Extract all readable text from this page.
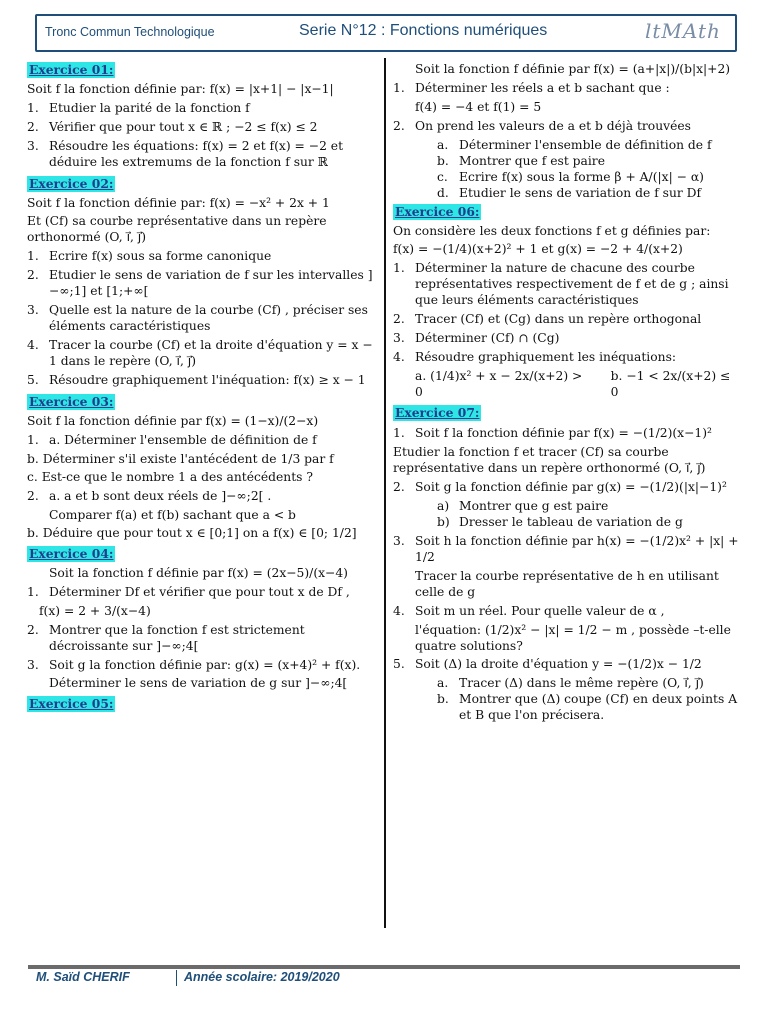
Tronc Commun Technologique	Serie N°12 : Fonctions numériques	ltMAth
Exercice 01:
Soit f la fonction définie par: f(x) = |x+1| − |x−1|
1. Etudier la parité de la fonction f
2. Vérifier que pour tout x ∈ ℝ ; −2 ≤ f(x) ≤ 2
3. Résoudre les équations: f(x) = 2 et f(x) = −2 et déduire les extremums de la fonction f sur ℝ
Exercice 02:
Soit f la fonction définie par: f(x) = −x² + 2x + 1
Et (Cf) sa courbe représentative dans un repère orthonormé (O, i⃗, j⃗)
1. Ecrire f(x) sous sa forme canonique
2. Etudier le sens de variation de f sur les intervalles ]−∞;1] et [1;+∞[
3. Quelle est la nature de la courbe (Cf) , préciser ses éléments caractéristiques
4. Tracer la courbe (Cf) et la droite d'équation y = x − 1 dans le repère (O, i⃗, j⃗)
5. Résoudre graphiquement l'inéquation: f(x) ≥ x − 1
Exercice 03:
Soit f la fonction définie par f(x) = (1−x)/(2−x)
1. a. Déterminer l'ensemble de définition de f
b. Déterminer s'il existe l'antécédent de 1/3 par f
c. Est-ce que le nombre 1 a des antécédents ?
2. a. a et b sont deux réels de ]−∞;2[ .
Comparer f(a) et f(b) sachant que a < b
b. Déduire que pour tout x ∈ [0;1] on a f(x) ∈ [0; 1/2]
Exercice 04:
Soit la fonction f définie par f(x) = (2x−5)/(x−4)
1. Déterminer Df et vérifier que pour tout x de Df ,
f(x) = 2 + 3/(x−4)
2. Montrer que la fonction f est strictement décroissante sur ]−∞;4[
3. Soit g la fonction définie par: g(x) = (x+4)² + f(x).
Déterminer le sens de variation de g sur ]−∞;4[
Exercice 05:
Soit la fonction f définie par f(x) = (a+|x|)/(b|x|+2)
1. Déterminer les réels a et b sachant que :
f(4) = −4 et f(1) = 5
2. On prend les valeurs de a et b déjà trouvées
a. Déterminer l'ensemble de définition de f
b. Montrer que f est paire
c. Ecrire f(x) sous la forme β + A/(|x| − α)
d. Etudier le sens de variation de f sur Df
Exercice 06:
On considère les deux fonctions f et g définies par:
f(x) = −(1/4)(x+2)² + 1 et g(x) = −2 + 4/(x+2)
1. Déterminer la nature de chacune des courbe représentatives respectivement de f et de g ; ainsi que leurs éléments caractéristiques
2. Tracer (Cf) et (Cg) dans un repère orthogonal
3. Déterminer (Cf) ∩ (Cg)
4. Résoudre graphiquement les inéquations:
a. (1/4)x² + x − 2x/(x+2) > 0
b. −1 < 2x/(x+2) ≤ 0
Exercice 07:
1. Soit f la fonction définie par f(x) = −(1/2)(x−1)²
Etudier la fonction f et tracer (Cf) sa courbe représentative dans un repère orthonormé (O, i⃗, j⃗)
2. Soit g la fonction définie par g(x) = −(1/2)(|x|−1)²
a) Montrer que g est paire
b) Dresser le tableau de variation de g
3. Soit h la fonction définie par h(x) = −(1/2)x² + |x| + 1/2
Tracer la courbe représentative de h en utilisant celle de g
4. Soit m un réel. Pour quelle valeur de α ,
l'équation: (1/2)x² − |x| = 1/2 − m , possède –t-elle quatre solutions?
5. Soit (Δ) la droite d'équation y = −(1/2)x − 1/2
a. Tracer (Δ) dans le même repère (O, i⃗, j⃗)
b. Montrer que (Δ) coupe (Cf) en deux points A et B que l'on précisera.
M. Saïd CHERIF	Année scolaire: 2019/2020
